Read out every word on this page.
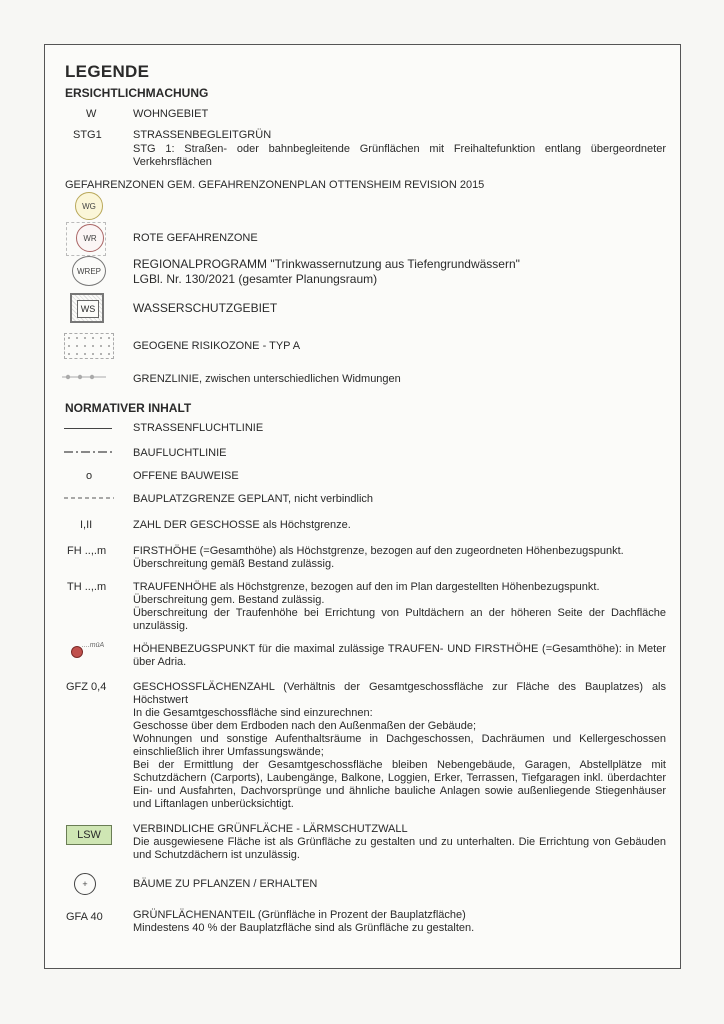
LEGENDE
ERSICHTLICHMACHUNG
W	WOHNGEBIET
STG1	STRASSENBEGLEITGRÜN
STG 1: Straßen- oder bahnbegleitende Grünflächen mit Freihaltefunktion entlang übergeordneter Verkehrsflächen
GEFAHRENZONEN GEM. GEFAHRENZONENPLAN OTTENSHEIM REVISION 2015
WG
WR	ROTE GEFAHRENZONE
WREP	REGIONALPROGRAMM "Trinkwassernutzung aus Tiefengrundwässern"
LGBl. Nr. 130/2021 (gesamter Planungsraum)
WS	WASSERSCHUTZGEBIET
GEOGENE RISIKOZONE - TYP A
GRENZLINIE, zwischen unterschiedlichen Widmungen
NORMATIVER INHALT
STRASSENFLUCHTLINIE
BAUFLUCHTLINIE
o	OFFENE BAUWEISE
BAUPLATZGRENZE GEPLANT, nicht verbindlich
I,II	ZAHL DER GESCHOSSE als Höchstgrenze.
FH ..,.m FIRSTHÖHE (=Gesamthöhe) als Höchstgrenze, bezogen auf den zugeordneten Höhenbezugspunkt.
Überschreitung gemäß Bestand zulässig.
TH ..,.m TRAUFENHÖHE als Höchstgrenze, bezogen auf den im Plan dargestellten Höhenbezugspunkt.
Überschreitung gem. Bestand zulässig.
Überschreitung der Traufenhöhe bei Errichtung von Pultdächern an der höheren Seite der Dachfläche unzulässig.
....müA	HÖHENBEZUGSPUNKT für die maximal zulässige TRAUFEN- UND FIRSTHÖHE (=Gesamthöhe): in Meter über Adria.
GFZ 0,4 GESCHOSSFLÄCHENZAHL (Verhältnis der Gesamtgeschossfläche zur Fläche des Bauplatzes) als Höchstwert
In die Gesamtgeschossfläche sind einzurechnen:
Geschosse über dem Erdboden nach den Außenmaßen der Gebäude;
Wohnungen und sonstige Aufenthaltsräume in Dachgeschossen, Dachräumen und Kellergeschossen einschließlich ihrer Umfassungswände;
Bei der Ermittlung der Gesamtgeschossfläche bleiben Nebengebäude, Garagen, Abstellplätze mit Schutzdächern (Carports), Laubengänge, Balkone, Loggien, Erker, Terrassen, Tiefgaragen inkl. überdachter Ein- und Ausfahrten, Dachvorsprünge und ähnliche bauliche Anlagen sowie außenliegende Stiegenhäuser und Liftanlagen unberücksichtigt.
LSW	VERBINDLICHE GRÜNFLÄCHE - LÄRMSCHUTZWALL
Die ausgewiesene Fläche ist als Grünfläche zu gestalten und zu unterhalten. Die Errichtung von Gebäuden und Schutzdächern ist unzulässig.
+	BÄUME ZU PFLANZEN / ERHALTEN
GFA 40	GRÜNFLÄCHENANTEIL (Grünfläche in Prozent der Bauplatzfläche)
Mindestens 40 % der Bauplatzfläche sind als Grünfläche zu gestalten.
